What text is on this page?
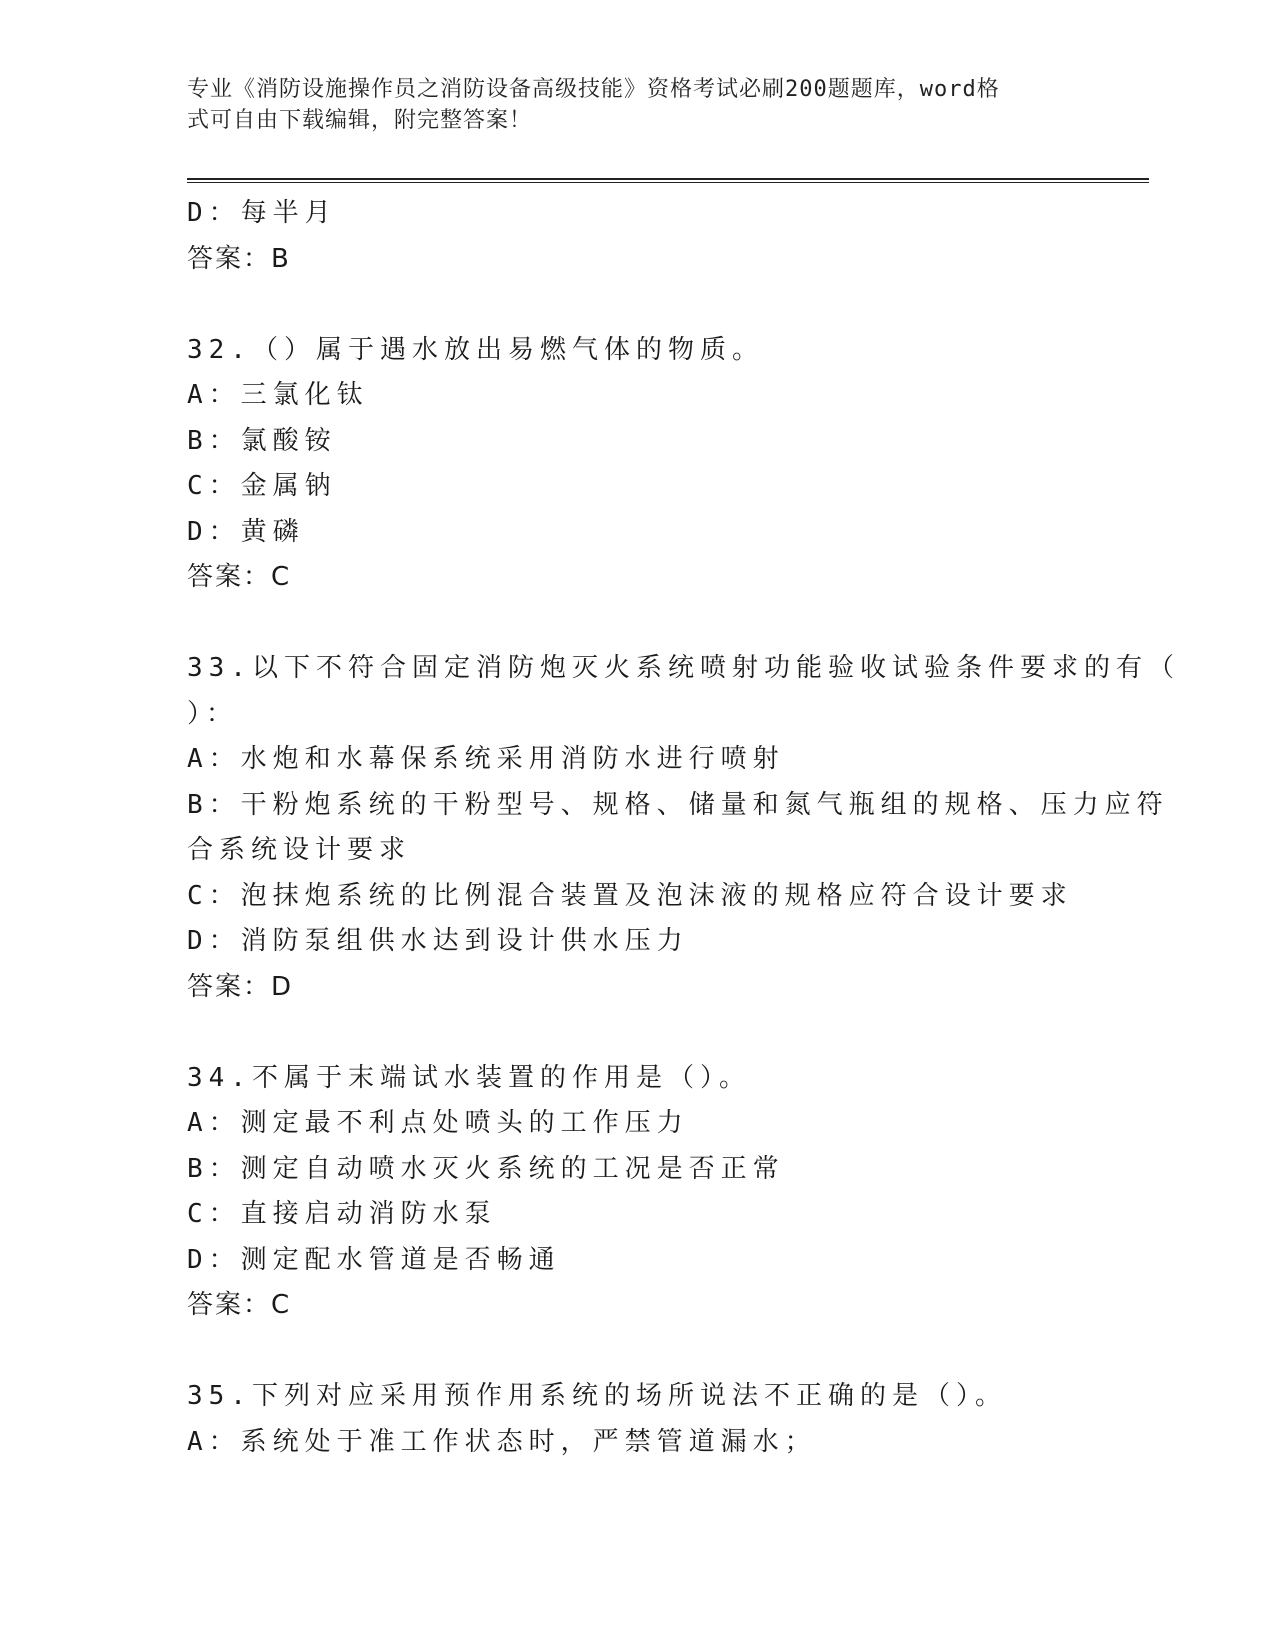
专业《消防设施操作员之消防设备高级技能》资格考试必刷200题题库，word格
式可自由下载编辑，附完整答案！
D：每半月
答案：B
32.（）属于遇水放出易燃气体的物质。
A：三氯化钛
B：氯酸铵
C：金属钠
D：黄磷
答案：C
33.以下不符合固定消防炮灭火系统喷射功能验收试验条件要求的有（
）：
A：水炮和水幕保系统采用消防水进行喷射
B：干粉炮系统的干粉型号、规格、储量和氮气瓶组的规格、压力应符
合系统设计要求
C：泡抹炮系统的比例混合装置及泡沫液的规格应符合设计要求
D：消防泵组供水达到设计供水压力
答案：D
34.不属于末端试水装置的作用是（）。
A：测定最不利点处喷头的工作压力
B：测定自动喷水灭火系统的工况是否正常
C：直接启动消防水泵
D：测定配水管道是否畅通
答案：C
35.下列对应采用预作用系统的场所说法不正确的是（）。
A：系统处于准工作状态时，严禁管道漏水；
